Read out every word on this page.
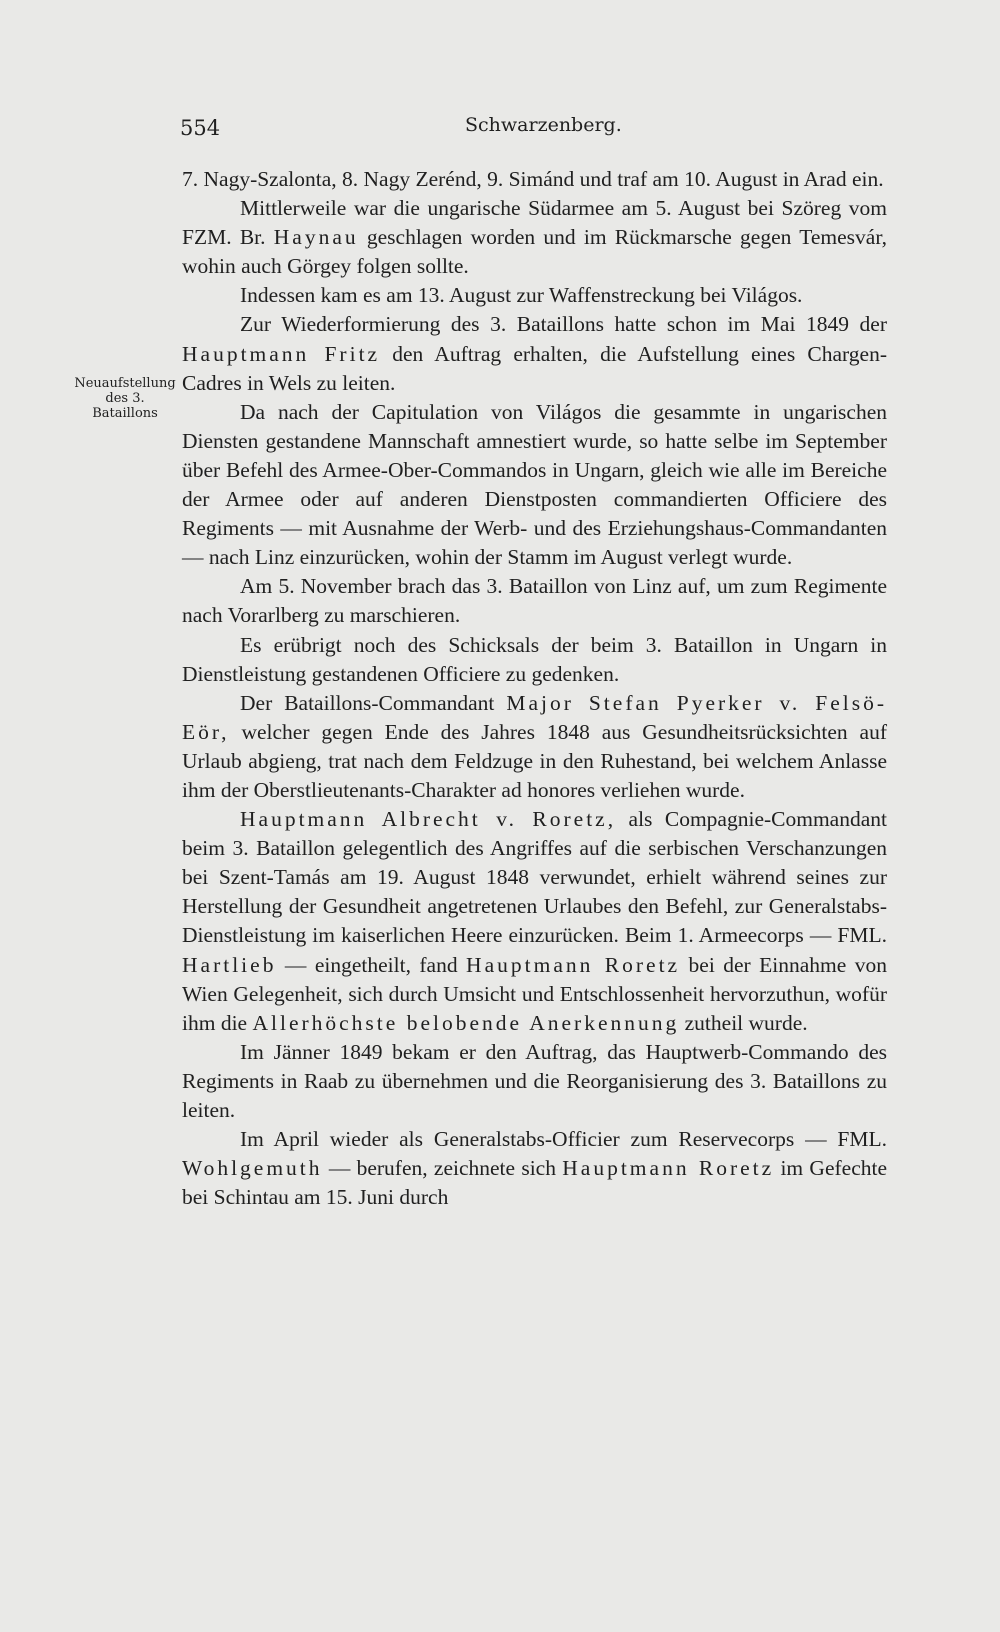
554	Schwarzenberg.
Neuaufstellung
des 3.
Bataillons

7. Nagy-Szalonta, 8. Nagy Zerénd, 9. Simánd und traf am 10. August in Arad ein.

Mittlerweile war die ungarische Südarmee am 5. August bei Szöreg vom FZM. Br. Haynau geschlagen worden und im Rückmarsche gegen Temesvár, wohin auch Görgey folgen sollte.

Indessen kam es am 13. August zur Waffenstreckung bei Világos.

Zur Wiederformierung des 3. Bataillons hatte schon im Mai 1849 der Hauptmann Fritz den Auftrag erhalten, die Aufstellung eines Chargen-Cadres in Wels zu leiten.

Da nach der Capitulation von Világos die gesammte in ungarischen Diensten gestandene Mannschaft amnestiert wurde, so hatte selbe im September über Befehl des Armee-Ober-Commandos in Ungarn, gleich wie alle im Bereiche der Armee oder auf anderen Dienstposten commandierten Officiere des Regiments — mit Ausnahme der Werb- und des Erziehungshaus-Commandanten — nach Linz einzurücken, wohin der Stamm im August verlegt wurde.

Am 5. November brach das 3. Bataillon von Linz auf, um zum Regimente nach Vorarlberg zu marschieren.

Es erübrigt noch des Schicksals der beim 3. Bataillon in Ungarn in Dienstleistung gestandenen Officiere zu gedenken.

Der Bataillons-Commandant Major Stefan Pyerker v. Felsö-Eör, welcher gegen Ende des Jahres 1848 aus Gesundheitsrücksichten auf Urlaub abgieng, trat nach dem Feldzuge in den Ruhestand, bei welchem Anlasse ihm der Oberstlieutenants-Charakter ad honores verliehen wurde.

Hauptmann Albrecht v. Roretz, als Compagnie-Commandant beim 3. Bataillon gelegentlich des Angriffes auf die serbischen Verschanzungen bei Szent-Tamás am 19. August 1848 verwundet, erhielt während seines zur Herstellung der Gesundheit angetretenen Urlaubes den Befehl, zur Generalstabs-Dienstleistung im kaiserlichen Heere einzurücken. Beim 1. Armeecorps — FML. Hartlieb — eingetheilt, fand Hauptmann Roretz bei der Einnahme von Wien Gelegenheit, sich durch Umsicht und Entschlossenheit hervorzuthun, wofür ihm die Allerhöchste belobende Anerkennung zutheil wurde.

Im Jänner 1849 bekam er den Auftrag, das Hauptwerb-Commando des Regiments in Raab zu übernehmen und die Reorganisierung des 3. Bataillons zu leiten.

Im April wieder als Generalstabs-Officier zum Reservecorps — FML. Wohlgemuth — berufen, zeichnete sich Hauptmann Roretz im Gefechte bei Schintau am 15. Juni durch
